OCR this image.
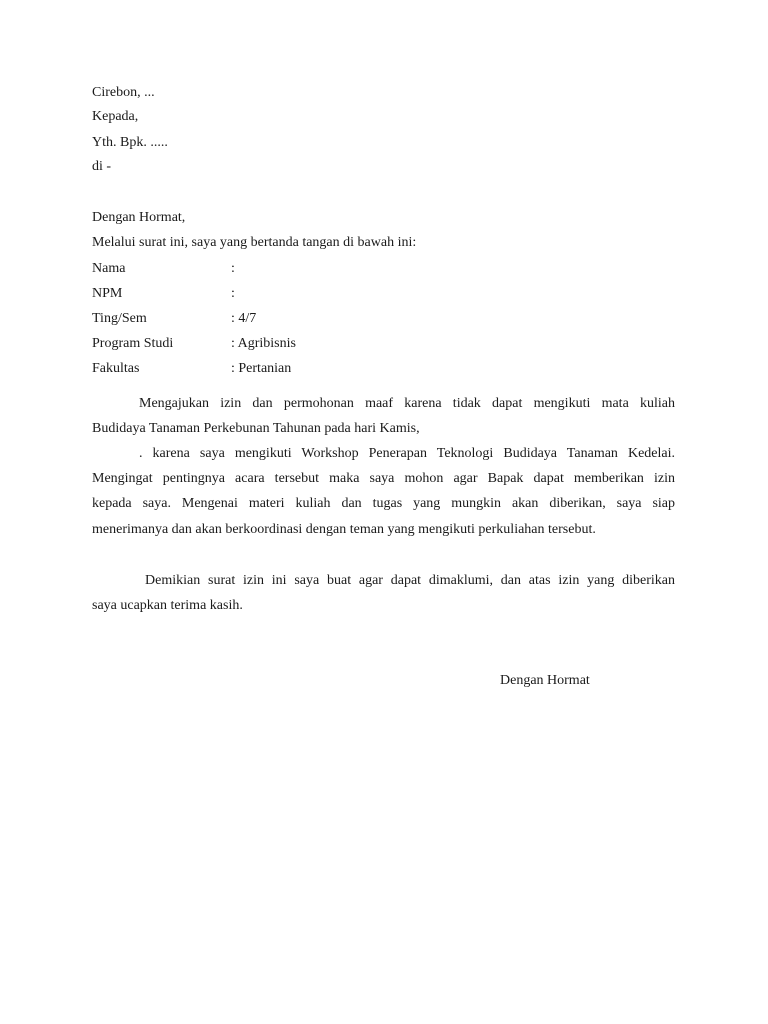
Cirebon, ...
Kepada,
Yth. Bpk. .....
di -
Dengan Hormat,
Melalui surat ini, saya yang bertanda tangan di bawah ini:
Nama	:
NPM	:
Ting/Sem	: 4/7
Program Studi	: Agribisnis
Fakultas	: Pertanian
Mengajukan izin dan permohonan maaf karena tidak dapat mengikuti mata kuliah
Budidaya Tanaman Perkebunan Tahunan pada hari Kamis,
. karena saya mengikuti Workshop Penerapan Teknologi Budidaya Tanaman Kedelai.
Mengingat pentingnya acara tersebut maka saya mohon agar Bapak dapat memberikan izin
kepada saya. Mengenai materi kuliah dan tugas yang mungkin akan diberikan, saya siap
menerimanya dan akan berkoordinasi dengan teman yang mengikuti perkuliahan tersebut.
Demikian surat izin ini saya buat agar dapat dimaklumi, dan atas izin yang diberikan
saya ucapkan terima kasih.
Dengan Hormat
